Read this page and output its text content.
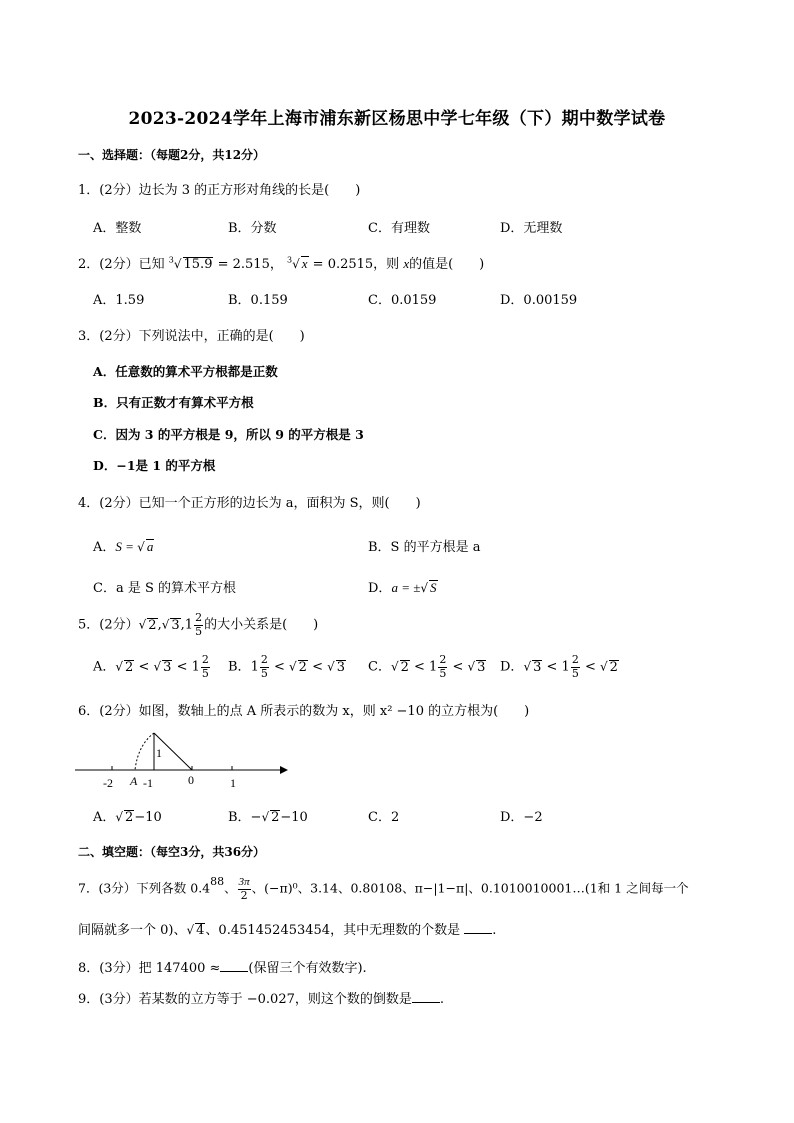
2023-2024学年上海市浦东新区杨思中学七年级（下）期中数学试卷
一、选择题：（每题2分，共12分）
1．(2分）边长为 3 的正方形对角线的长是(　　)
A．整数	B．分数	C．有理数	D．无理数
2．(2分）已知 $^3$√ 15.9 = 2.515， $^3$√ x = 0.2515，则 x的值是(　　)
A．1.59	B．0.159	C．0.0159	D．0.00159
3．(2分）下列说法中，正确的是(　　)
A．任意数的算术平方根都是正数
B．只有正数才有算术平方根
C．因为 3 的平方根是 9，所以 9 的平方根是 3
D．−1是 1 的平方根
4．(2分）已知一个正方形的边长为 a，面积为 S，则(　　)
A．S = √ a	B．S 的平方根是 a
C．a 是 S 的算术平方根	D．a = ±√ S
5．(2分）√ 2,√ $3,1 \frac{2}{5}$ 的大小关系是(　　)
A．√ 2 < √ $3 < 1 \frac{2}{5}$ B．$1 \frac{2}{5}$ < √ 2 < √ 3 C．√ $2 < 1 \frac{2}{5}$ < √ 3 D．√ $3 < 1 \frac{2}{5}$ < √ 2
6．(2分）如图，数轴上的点 A 所表示的数为 x，则 x² −10 的立方根为(　　)
1
-2 A -1	0	1
A．√ 2−10	B．−√ 2−10	C．2	D．−2
二、填空题：（每空3分，共36分）
7．(3分）下列各数 0.488、 $\frac{3\pi}{2}$ 、(−π)⁰、3.14、0.80108、π−|1−π|、0.1010010001…(1和 1 之间每一个
间隔就多一个 0)、√ 4、0.451452453454，其中无理数的个数是 .
8．(3分）把 147400 ≈ (保留三个有效数字).
9．(3分）若某数的立方等于 −0.027，则这个数的倒数是 .
